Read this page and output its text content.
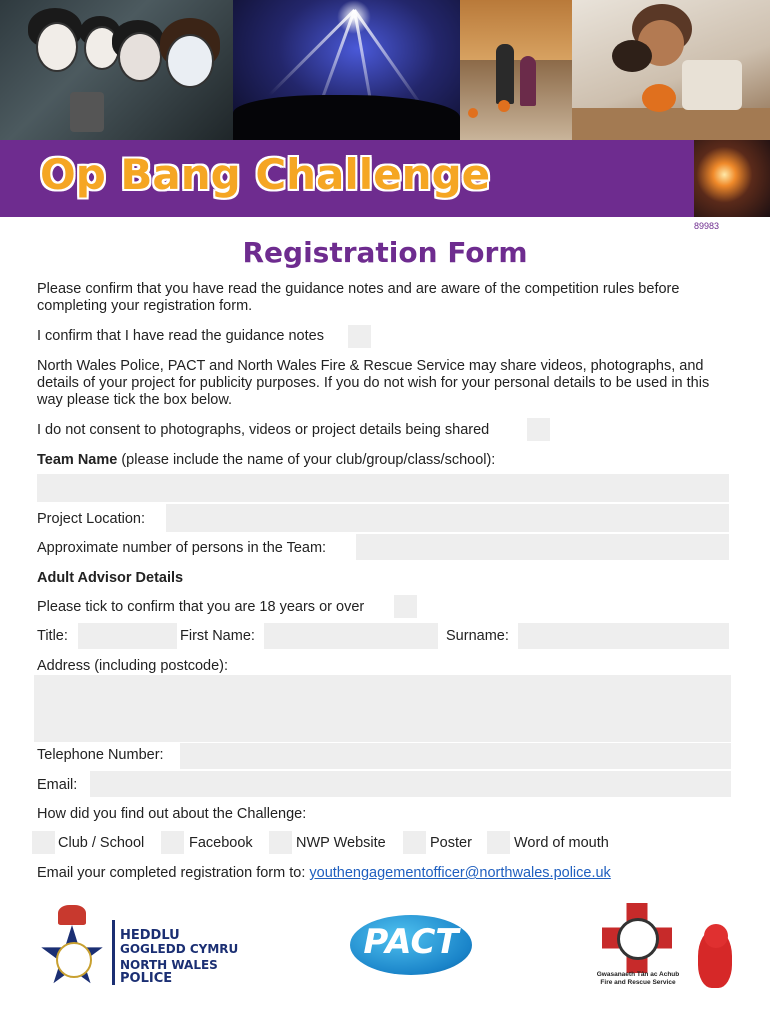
Op Bang Challenge
89983
Registration Form
Please confirm that you have read the guidance notes and are aware of the competition rules before completing your registration form.
I confirm that I have read the guidance notes
North Wales Police, PACT and North Wales Fire & Rescue Service may share videos, photographs, and details of your project for publicity purposes. If you do not wish for your personal details to be used in this way please tick the box below.
I do not consent to photographs, videos or project details being shared
Team Name (please include the name of your club/group/class/school):
Project Location:
Approximate number of persons in the Team:
Adult Advisor Details
Please tick to confirm that you are 18 years or over
Title:	First Name:	Surname:
Address (including postcode):
Telephone Number:
Email:
How did you find out about the Challenge:
Club / School	Facebook	NWP Website	Poster	Word of mouth
Email your completed registration form to: youthengagementofficer@northwales.police.uk
HEDDLU
GOGLEDD CYMRU
NORTH WALES
POLICE
PACT
Gwasanaeth Tân ac Achub
Fire and Rescue Service
